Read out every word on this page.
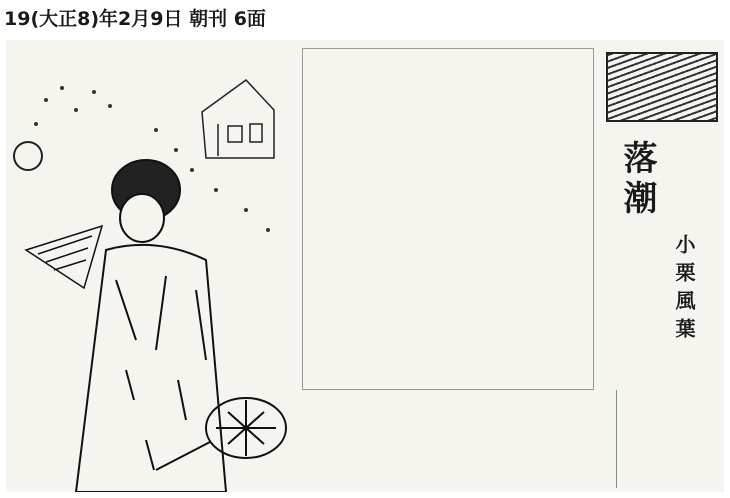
19(大正8)年2月9日 朝刊 6面
落潮
小栗風葉
